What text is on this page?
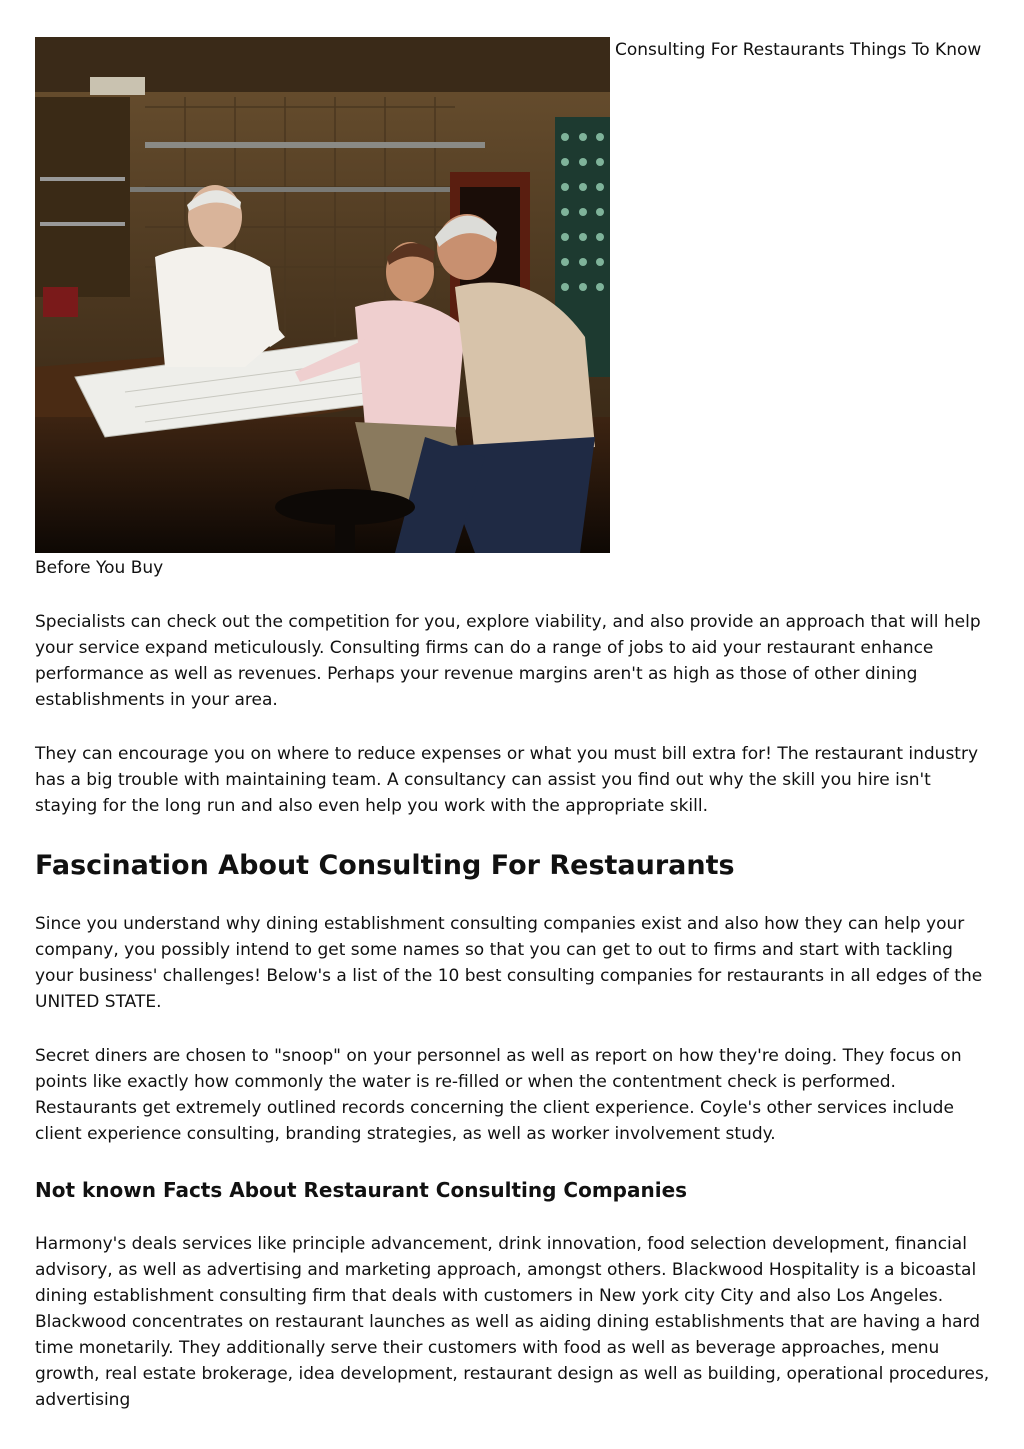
Consulting For Restaurants Things To Know
Before You Buy

Specialists can check out the competition for you, explore viability, and also provide an approach that will help your service expand meticulously. Consulting firms can do a range of jobs to aid your restaurant enhance performance as well as revenues. Perhaps your revenue margins aren't as high as those of other dining establishments in your area.

They can encourage you on where to reduce expenses or what you must bill extra for! The restaurant industry has a big trouble with maintaining team. A consultancy can assist you find out why the skill you hire isn't staying for the long run and also even help you work with the appropriate skill.

Fascination About Consulting For Restaurants

Since you understand why dining establishment consulting companies exist and also how they can help your company, you possibly intend to get some names so that you can get to out to firms and start with tackling your business' challenges! Below's a list of the 10 best consulting companies for restaurants in all edges of the UNITED STATE.

Secret diners are chosen to "snoop" on your personnel as well as report on how they're doing. They focus on points like exactly how commonly the water is re-filled or when the contentment check is performed. Restaurants get extremely outlined records concerning the client experience. Coyle's other services include client experience consulting, branding strategies, as well as worker involvement study.

Not known Facts About Restaurant Consulting Companies

Harmony's deals services like principle advancement, drink innovation, food selection development, financial advisory, as well as advertising and marketing approach, amongst others. Blackwood Hospitality is a bicoastal dining establishment consulting firm that deals with customers in New york city City and also Los Angeles. Blackwood concentrates on restaurant launches as well as aiding dining establishments that are having a hard time monetarily. They additionally serve their customers with food as well as beverage approaches, menu growth, real estate brokerage, idea development, restaurant design as well as building, operational procedures, advertising
